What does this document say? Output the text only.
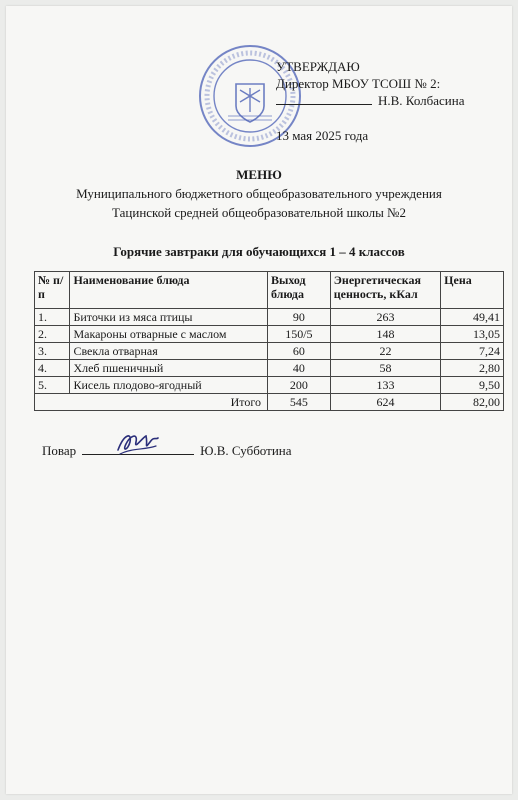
УТВЕРЖДАЮ
Директор МБОУ ТСОШ № 2:
Н.В. Колбасина
13 мая 2025 года
МЕНЮ
Муниципального бюджетного общеобразовательного учреждения
Тацинской средней общеобразовательной школы №2
Горячие завтраки для обучающихся 1 – 4 классов
№ п/п	Наименование блюда	Выход блюда	Энергетическая ценность, кКал	Цена
1.	Биточки из мяса птицы	90	263	49,41
2.	Макароны отварные с маслом	150/5	148	13,05
3.	Свекла отварная	60	22	7,24
4.	Хлеб пшеничный	40	58	2,80
5.	Кисель плодово-ягодный	200	133	9,50
Итого		545	624	82,00
Повар	Ю.В. Субботина
